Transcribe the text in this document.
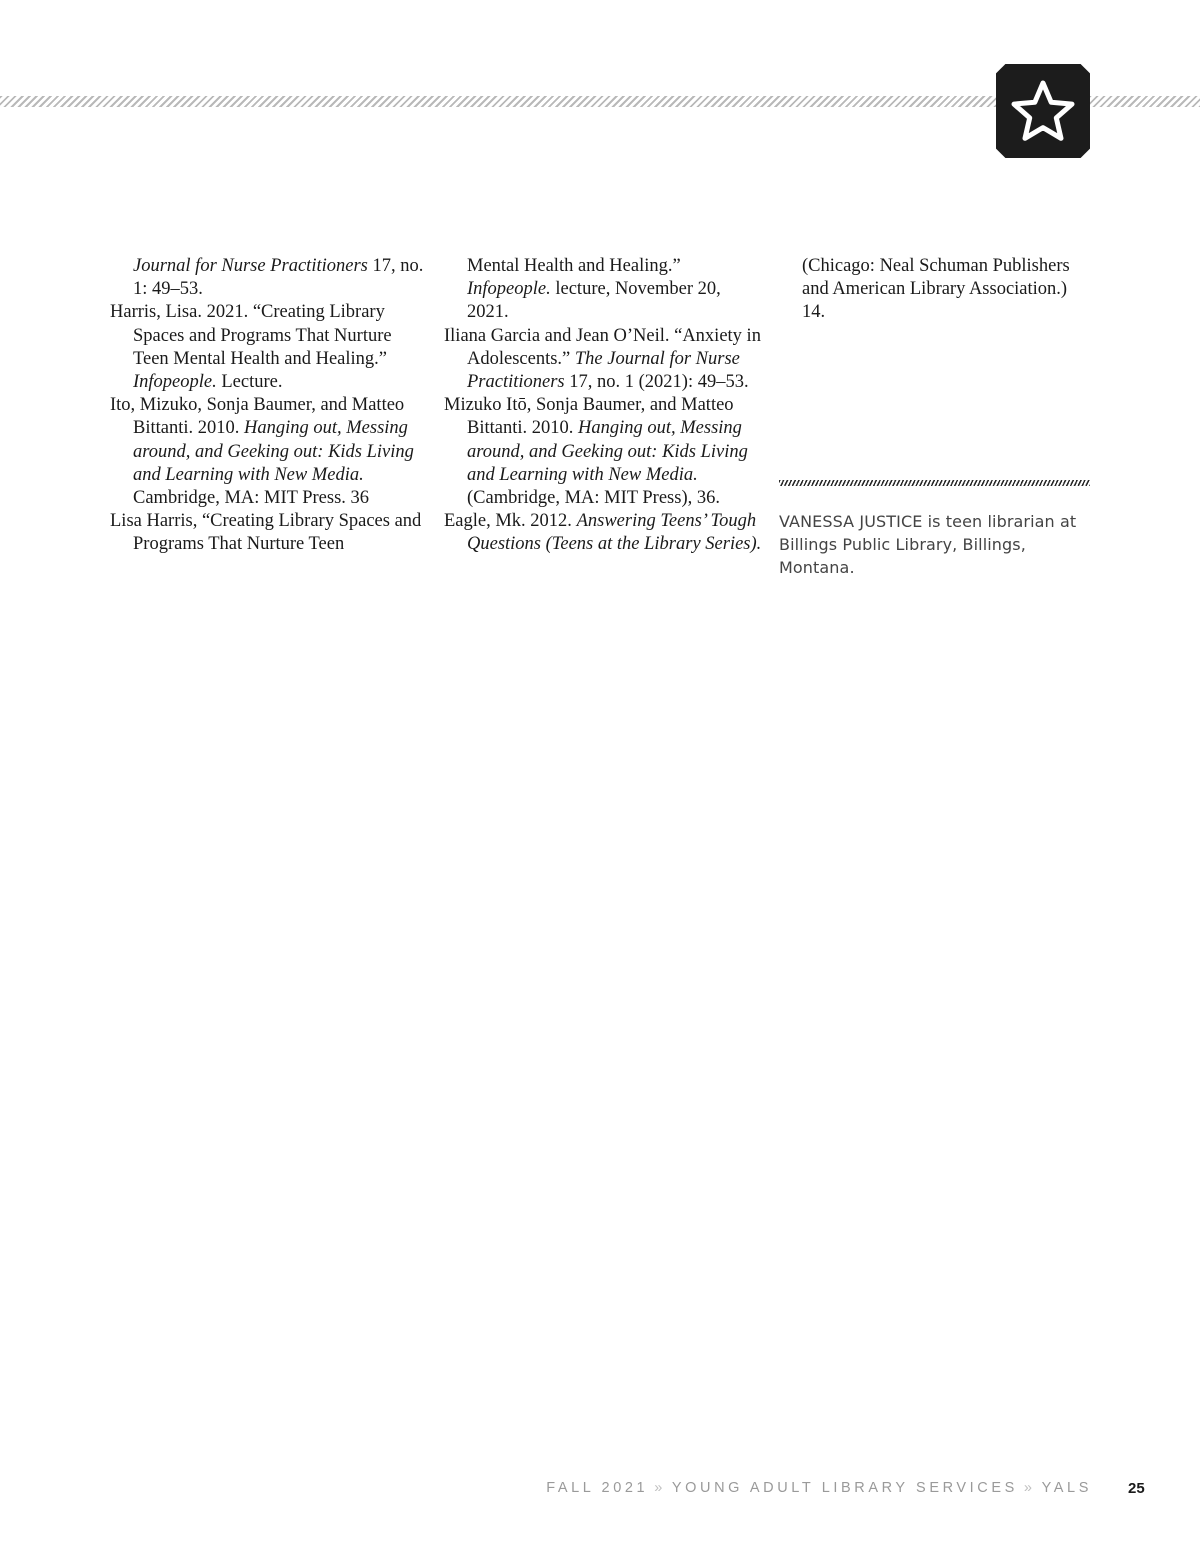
Journal for Nurse Practitioners 17, no. 1: 49–53.

Harris, Lisa. 2021. “Creating Library Spaces and Programs That Nurture Teen Mental Health and Healing.” Infopeople. Lecture.

Ito, Mizuko, Sonja Baumer, and Matteo Bittanti. 2010. Hanging out, Messing around, and Geeking out: Kids Living and Learning with New Media. Cambridge, MA: MIT Press. 36

Lisa Harris, “Creating Library Spaces and Programs That Nurture Teen

Mental Health and Healing.” Infopeople. lecture, November 20, 2021.

Iliana Garcia and Jean O’Neil. “Anxiety in Adolescents.” The Journal for Nurse Practitioners 17, no. 1 (2021): 49–53.

Mizuko Itō, Sonja Baumer, and Matteo Bittanti. 2010. Hanging out, Messing around, and Geeking out: Kids Living and Learning with New Media. (Cambridge, MA: MIT Press), 36.

Eagle, Mk. 2012. Answering Teens’ Tough Questions (Teens at the Library Series).

(Chicago: Neal Schuman Publishers and American Library Association.) 14.

VANESSA JUSTICE is teen librarian at Billings Public Library, Billings, Montana.
FALL 2021 » YOUNG ADULT LIBRARY SERVICES » YALS 25
